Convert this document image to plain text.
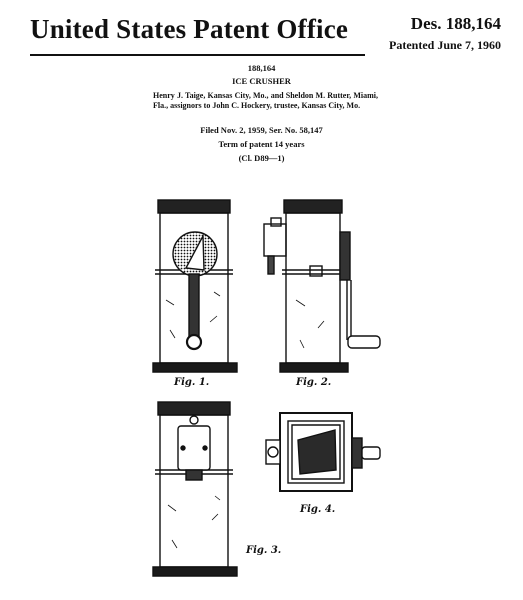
United States Patent Office	Des. 188,164
Patented June 7, 1960
188,164
ICE CRUSHER
Henry J. Taige, Kansas City, Mo., and Sheldon M. Rutter, Miami, Fla., assignors to John C. Hockery, trustee, Kansas City, Mo.
Filed Nov. 2, 1959, Ser. No. 58,147
Term of patent 14 years
(Cl. D89—1)
Fig. 1.	Fig. 2.
Fig. 3.
Fig. 4.
